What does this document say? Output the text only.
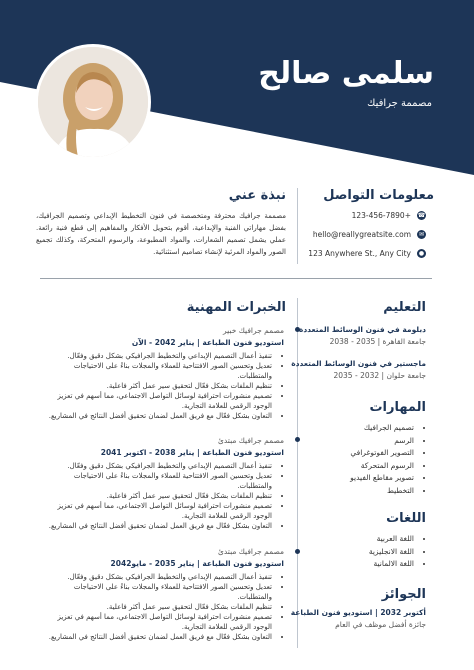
سلمى صالح
مصممة جرافيك
معلومات التواصل
123-456-7890+ ☎
hello@reallygreatsite.com	✉
123 Anywhere St., Any City	●
نبذة عني
مصممة جرافيك محترفة ومتخصصة في فنون التخطيط الإبداعي وتصميم الجرافيك، بفضل مهاراتي الفنية والإبداعية، أقوم بتحويل الأفكار والمفاهيم إلى قطع فنية رائعة. عملي يشمل تصميم الشعارات، والمواد المطبوعة، والرسوم المتحركة، وكذلك تجميع الصور والمواد المرئية لإنشاء تصاميم استثنائية.
التعليم
دبلومة في فنون الوسائط المتعددة
جامعة القاهرة | 2035 - 2038
ماجستير في فنون الوسائط المتعددة
جامعة حلوان | 2032 - 2035
المهارات
• تصميم الجرافيك
• الرسم
• التصوير الفوتوغرافي
• الرسوم المتحركة
• تصوير مقاطع الفيديو
• التخطيط
اللغات
• اللغة العربية
• اللغة الانجليزية
• اللغة الالمانية
الجوائز
أكتوبر 2032 | استوديو فنون الطباعة
جائزة أفضل موظف في العام
الخبرات المهنية
مصمم جرافيك خبير
استوديو فنون الطباعة | يناير 2042 - الآن
• تنفيذ أعمال التصميم الإبداعي والتخطيط الجرافيكي بشكل دقيق وفعّال.
• تعديل وتحسين الصور الافتتاحية للعملاء والمجلات بناءً على الاحتياجات والمتطلبات.
• تنظيم الملفات بشكل فعّال لتحقيق سير عمل أكثر فاعلية.
• تصميم منشورات احترافية لوسائل التواصل الاجتماعي، مما أسهم في تعزيز الوجود الرقمي للعلامة التجارية.
• التعاون بشكل فعّال مع فريق العمل لضمان تحقيق أفضل النتائج في المشاريع.
مصمم جرافيك مبتدئ
استوديو فنون الطباعة | يناير 2038 - اكتوبر 2041
• تنفيذ أعمال التصميم الإبداعي والتخطيط الجرافيكي بشكل دقيق وفعّال.
• تعديل وتحسين الصور الافتتاحية للعملاء والمجلات بناءً على الاحتياجات والمتطلبات.
• تنظيم الملفات بشكل فعّال لتحقيق سير عمل أكثر فاعلية.
• تصميم منشورات احترافية لوسائل التواصل الاجتماعي، مما أسهم في تعزيز الوجود الرقمي للعلامة التجارية.
• التعاون بشكل فعّال مع فريق العمل لضمان تحقيق أفضل النتائج في المشاريع.
مصمم جرافيك مبتدئ
استوديو فنون الطباعة | يناير 2035 - مايو2042
• تنفيذ أعمال التصميم الإبداعي والتخطيط الجرافيكي بشكل دقيق وفعّال.
• تعديل وتحسين الصور الافتتاحية للعملاء والمجلات بناءً على الاحتياجات والمتطلبات.
• تنظيم الملفات بشكل فعّال لتحقيق سير عمل أكثر فاعلية.
• تصميم منشورات احترافية لوسائل التواصل الاجتماعي، مما أسهم في تعزيز الوجود الرقمي للعلامة التجارية.
• التعاون بشكل فعّال مع فريق العمل لضمان تحقيق أفضل النتائج في المشاريع.
